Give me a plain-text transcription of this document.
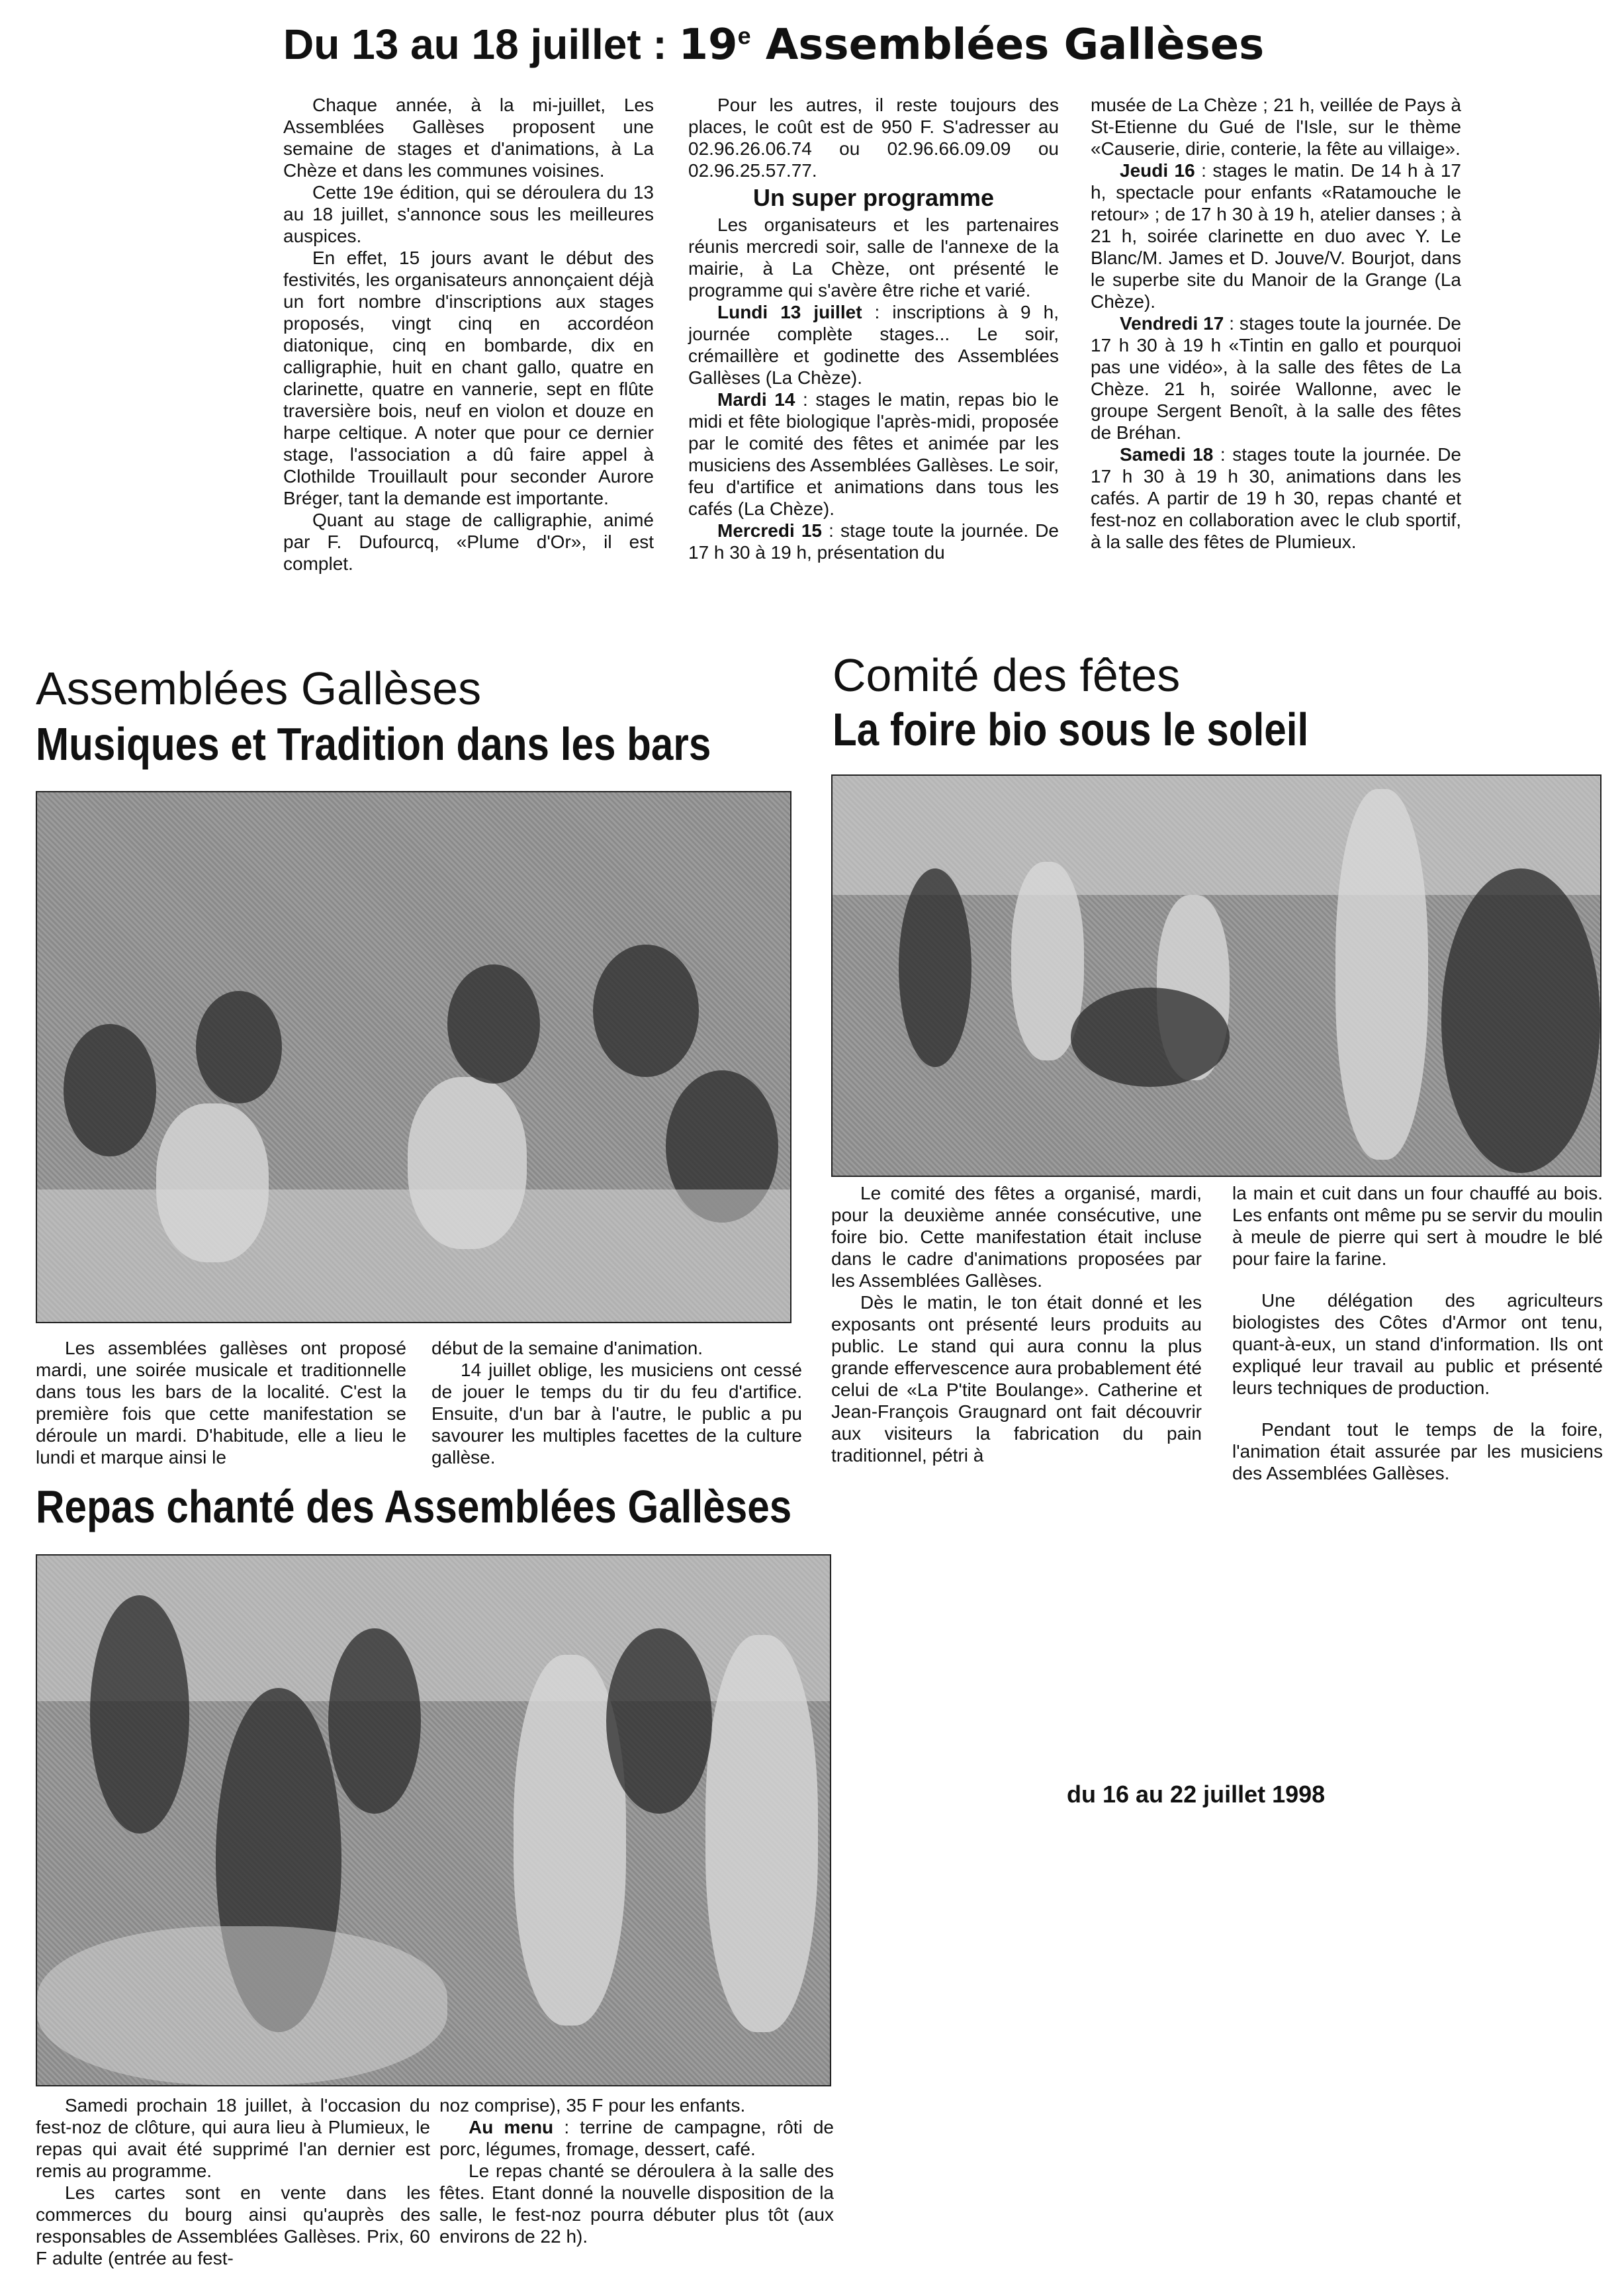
Du 13 au 18 juillet : 19e Assemblées Gallèses

Chaque année, à la mi-juillet, Les Assemblées Gallèses proposent une semaine de stages et d'animations, à La Chèze et dans les communes voisines.

Cette 19e édition, qui se déroulera du 13 au 18 juillet, s'annonce sous les meilleures auspices.

En effet, 15 jours avant le début des festivités, les organisateurs annonçaient déjà un fort nombre d'inscriptions aux stages proposés, vingt cinq en accordéon diatonique, cinq en bombarde, dix en calligraphie, huit en chant gallo, quatre en clarinette, quatre en vannerie, sept en flûte traversière bois, neuf en violon et douze en harpe celtique. A noter que pour ce dernier stage, l'association a dû faire appel à Clothilde Trouillault pour seconder Aurore Bréger, tant la demande est importante.

Quant au stage de calligraphie, animé par F. Dufourcq, «Plume d'Or», il est complet.

Pour les autres, il reste toujours des places, le coût est de 950 F. S'adresser au 02.96.26.06.74 ou 02.96.66.09.09 ou 02.96.25.57.77.

Un super programme

Les organisateurs et les partenaires réunis mercredi soir, salle de l'annexe de la mairie, à La Chèze, ont présenté le programme qui s'avère être riche et varié.

Lundi 13 juillet : inscriptions à 9 h, journée complète stages... Le soir, crémaillère et godinette des Assemblées Gallèses (La Chèze).

Mardi 14 : stages le matin, repas bio le midi et fête biologique l'après-midi, proposée par le comité des fêtes et animée par les musiciens des Assemblées Gallèses. Le soir, feu d'artifice et animations dans tous les cafés (La Chèze).

Mercredi 15 : stage toute la journée. De 17 h 30 à 19 h, présentation du

musée de La Chèze ; 21 h, veillée de Pays à St-Etienne du Gué de l'Isle, sur le thème «Causerie, dirie, conterie, la fête au villaige».

Jeudi 16 : stages le matin. De 14 h à 17 h, spectacle pour enfants «Ratamouche le retour» ; de 17 h 30 à 19 h, atelier danses ; à 21 h, soirée clarinette en duo avec Y. Le Blanc/M. James et D. Jouve/V. Bourjot, dans le superbe site du Manoir de la Grange (La Chèze).

Vendredi 17 : stages toute la journée. De 17 h 30 à 19 h «Tintin en gallo et pourquoi pas une vidéo», à la salle des fêtes de La Chèze. 21 h, soirée Wallonne, avec le groupe Sergent Benoît, à la salle des fêtes de Bréhan.

Samedi 18 : stages toute la journée. De 17 h 30 à 19 h 30, animations dans les cafés. A partir de 19 h 30, repas chanté et fest-noz en collaboration avec le club sportif, à la salle des fêtes de Plumieux.

Assemblées Gallèses
Musiques et Tradition dans les bars

Les assemblées gallèses ont proposé mardi, une soirée musicale et traditionnelle dans tous les bars de la localité. C'est la première fois que cette manifestation se déroule un mardi. D'habitude, elle a lieu le lundi et marque ainsi le

début de la semaine d'animation.

14 juillet oblige, les musiciens ont cessé de jouer le temps du tir du feu d'artifice. Ensuite, d'un bar à l'autre, le public a pu savourer les multiples facettes de la culture gallèse.

Comité des fêtes
La foire bio sous le soleil

Le comité des fêtes a organisé, mardi, pour la deuxième année consécutive, une foire bio. Cette manifestation était incluse dans le cadre d'animations proposées par les Assemblées Gallèses.

Dès le matin, le ton était donné et les exposants ont présenté leurs produits au public. Le stand qui aura connu la plus grande effervescence aura probablement été celui de «La P'tite Boulange». Catherine et Jean-François Graugnard ont fait découvrir aux visiteurs la fabrication du pain traditionnel, pétri à

la main et cuit dans un four chauffé au bois. Les enfants ont même pu se servir du moulin à meule de pierre qui sert à moudre le blé pour faire la farine.

Une délégation des agriculteurs biologistes des Côtes d'Armor ont tenu, quant-à-eux, un stand d'information. Ils ont expliqué leur travail au public et présenté leurs techniques de production.

Pendant tout le temps de la foire, l'animation était assurée par les musiciens des Assemblées Gallèses.

Repas chanté des Assemblées Gallèses

Samedi prochain 18 juillet, à l'occasion du fest-noz de clôture, qui aura lieu à Plumieux, le repas qui avait été supprimé l'an dernier est remis au programme.

Les cartes sont en vente dans les commerces du bourg ainsi qu'auprès des responsables de Assemblées Gallèses. Prix, 60 F adulte (entrée au fest-

noz comprise), 35 F pour les enfants.

Au menu : terrine de campagne, rôti de porc, légumes, fromage, dessert, café.

Le repas chanté se déroulera à la salle des fêtes. Etant donné la nouvelle disposition de la salle, le fest-noz pourra débuter plus tôt (aux environs de 22 h).

du 16 au 22 juillet 1998
